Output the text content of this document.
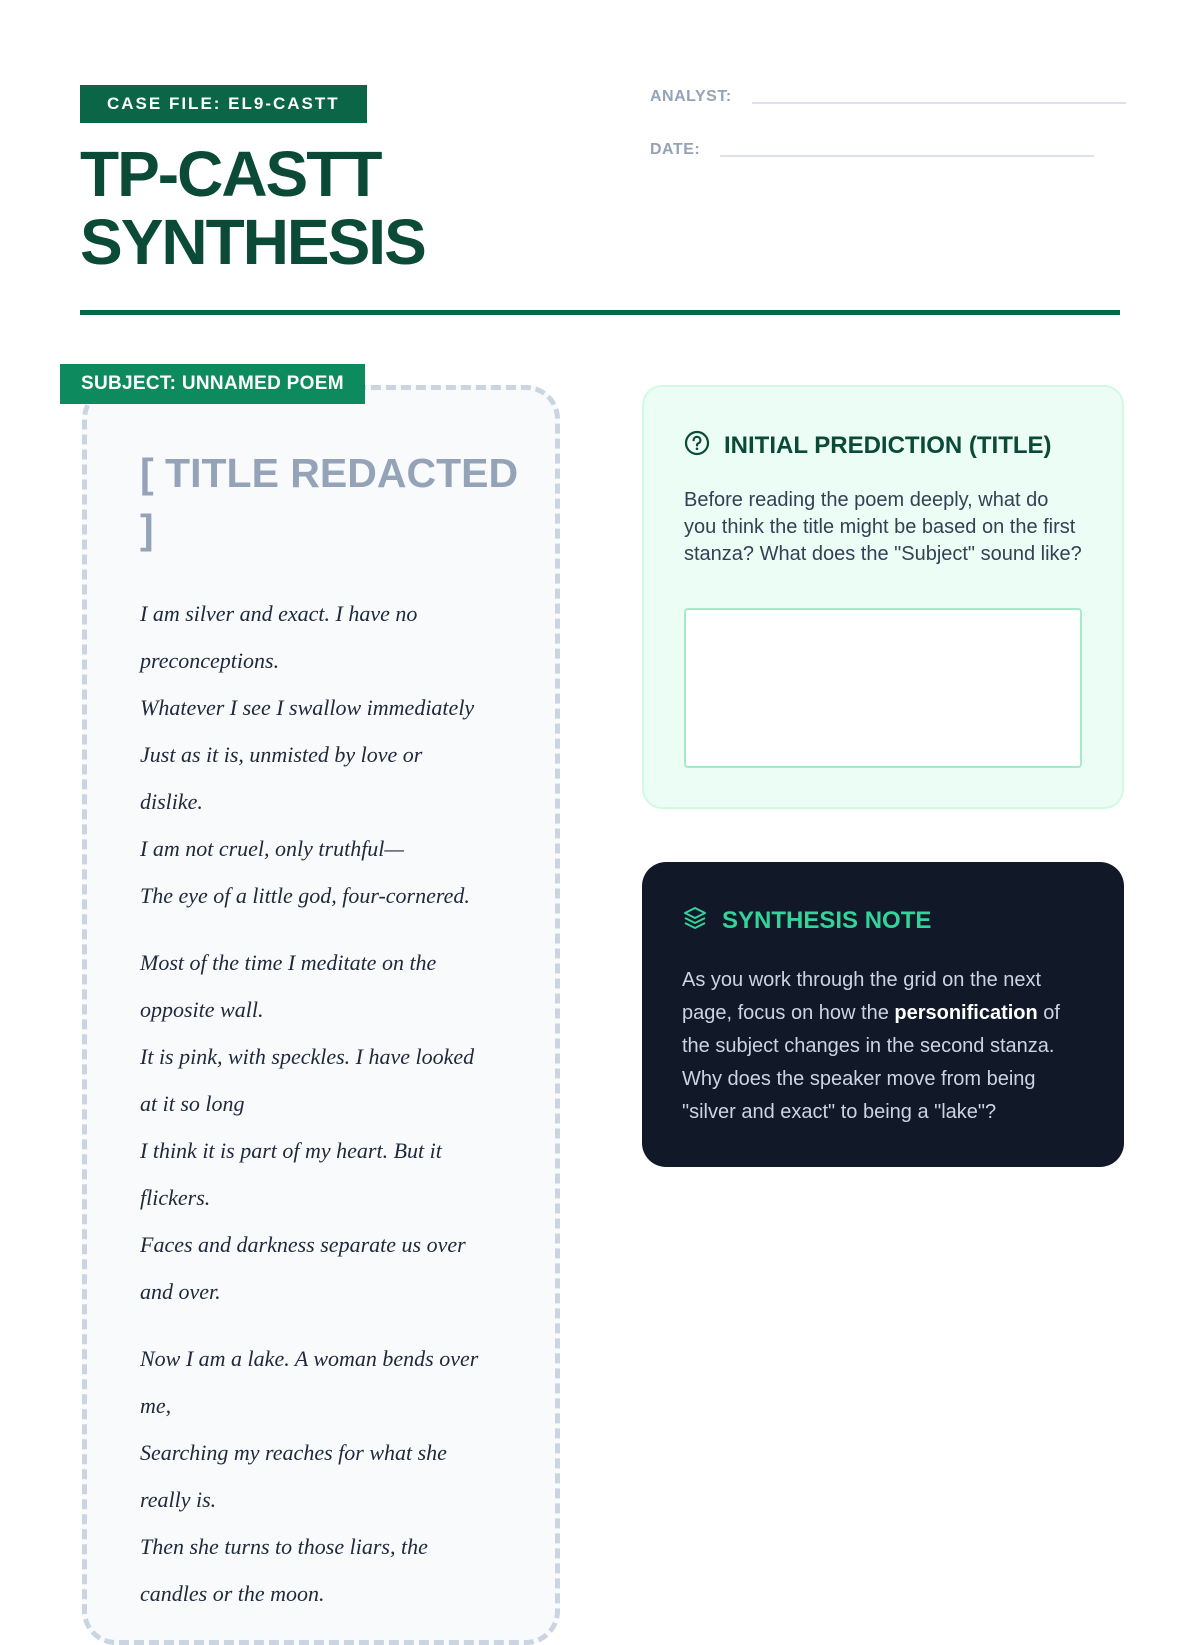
CASE FILE: EL9-CASTT
TP-CASTT
SYNTHESIS
ANALYST:
DATE:
SUBJECT: UNNAMED POEM
[ TITLE REDACTED ]
I am silver and exact. I have no
preconceptions.
Whatever I see I swallow immediately
Just as it is, unmisted by love or
dislike.
I am not cruel, only truthful—
The eye of a little god, four-cornered.
Most of the time I meditate on the
opposite wall.
It is pink, with speckles. I have looked
at it so long
I think it is part of my heart. But it
flickers.
Faces and darkness separate us over
and over.
Now I am a lake. A woman bends over
me,
Searching my reaches for what she
really is.
Then she turns to those liars, the
candles or the moon.
INITIAL PREDICTION (TITLE)
Before reading the poem deeply, what do you think the title might be based on the first stanza? What does the "Subject" sound like?
SYNTHESIS NOTE
As you work through the grid on the next page, focus on how the personification of the subject changes in the second stanza. Why does the speaker move from being "silver and exact" to being a "lake"?
